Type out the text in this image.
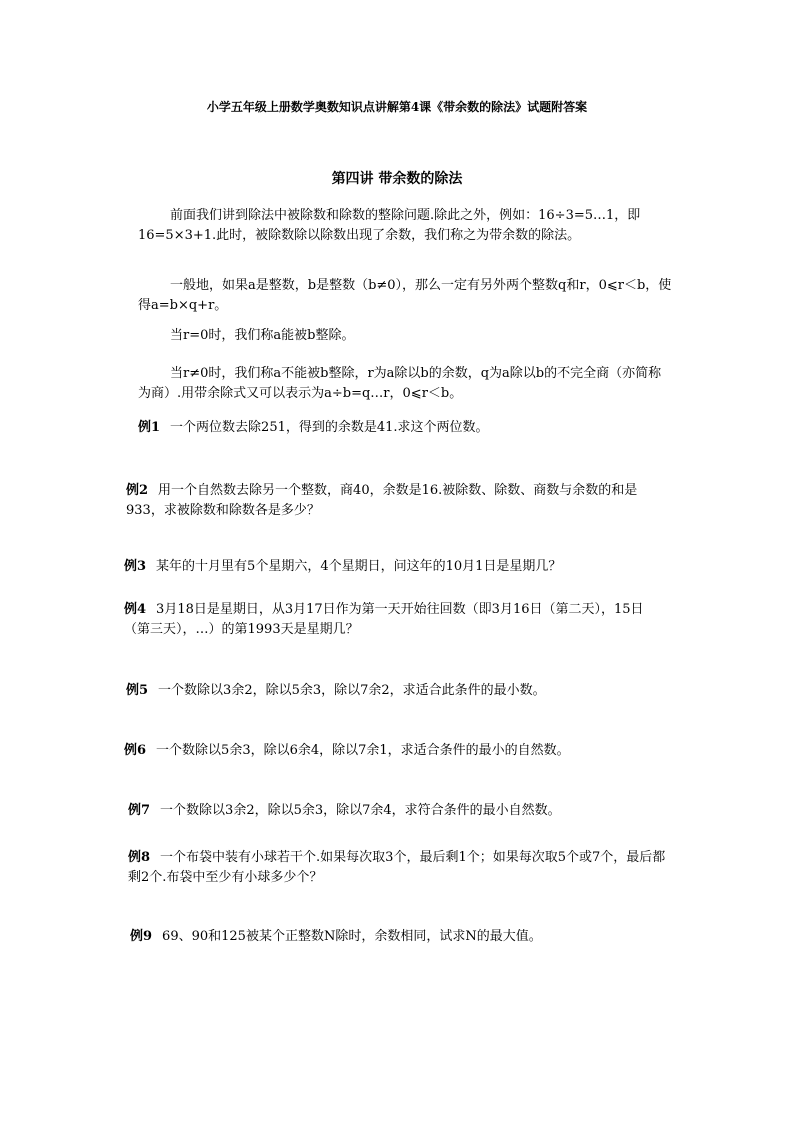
小学五年级上册数学奥数知识点讲解第4课《带余数的除法》试题附答案
第四讲 带余数的除法
前面我们讲到除法中被除数和除数的整除问题.除此之外，例如：16÷3=5…1，即16=5×3+1.此时，被除数除以除数出现了余数，我们称之为带余数的除法。
一般地，如果a是整数，b是整数（b≠0），那么一定有另外两个整数q和r，0⩽r＜b，使得a=b×q+r。
当r=0时，我们称a能被b整除。
当r≠0时，我们称a不能被b整除，r为a除以b的余数，q为a除以b的不完全商（亦简称为商）.用带余除式又可以表示为a÷b=q…r，0⩽r＜b。
例1 一个两位数去除251，得到的余数是41.求这个两位数。
例2 用一个自然数去除另一个整数，商40，余数是16.被除数、除数、商数与余数的和是933，求被除数和除数各是多少？
例3 某年的十月里有5个星期六，4个星期日，问这年的10月1日是星期几？
例4 3月18日是星期日，从3月17日作为第一天开始往回数（即3月16日（第二天），15日（第三天），…）的第1993天是星期几？
例5 一个数除以3余2，除以5余3，除以7余2，求适合此条件的最小数。
例6 一个数除以5余3，除以6余4，除以7余1，求适合条件的最小的自然数。
例7 一个数除以3余2，除以5余3，除以7余4，求符合条件的最小自然数。
例8 一个布袋中装有小球若干个.如果每次取3个，最后剩1个；如果每次取5个或7个，最后都剩2个.布袋中至少有小球多少个？
例9 69、90和125被某个正整数N除时，余数相同，试求N的最大值。
